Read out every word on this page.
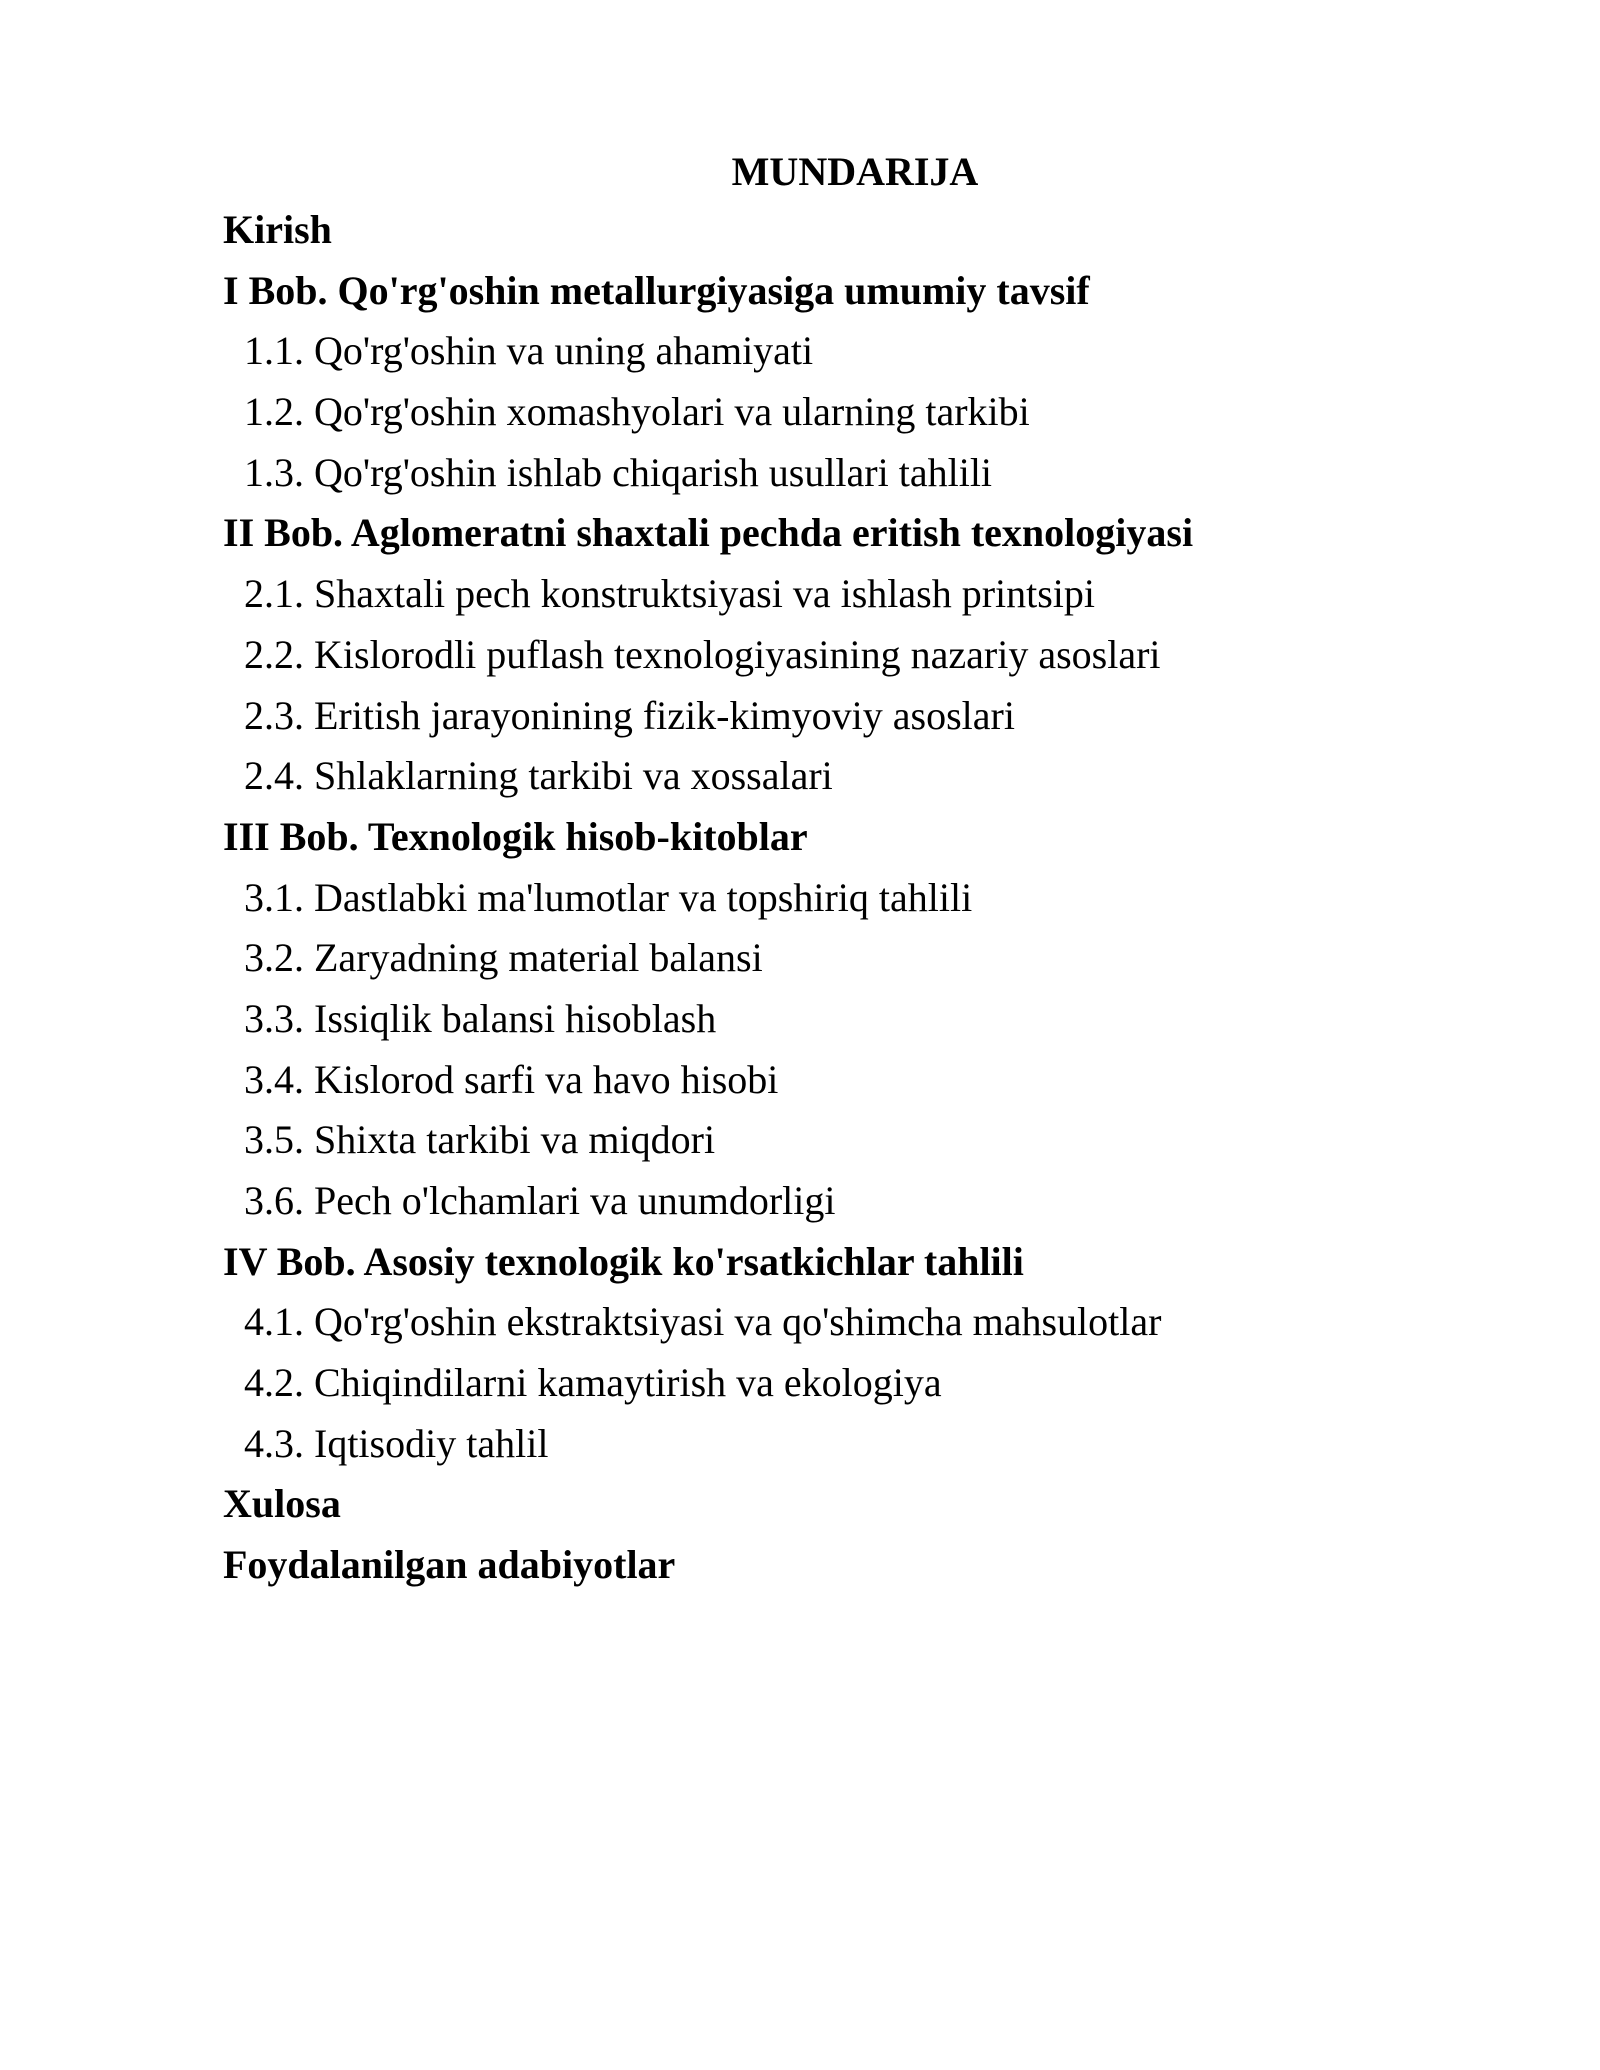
MUNDARIJA
Kirish
I Bob. Qo'rg'oshin metallurgiyasiga umumiy tavsif
1.1. Qo'rg'oshin va uning ahamiyati
1.2. Qo'rg'oshin xomashyolari va ularning tarkibi
1.3. Qo'rg'oshin ishlab chiqarish usullari tahlili
II Bob. Aglomeratni shaxtali pechda eritish texnologiyasi
2.1. Shaxtali pech konstruktsiyasi va ishlash printsipi
2.2. Kislorodli puflash texnologiyasining nazariy asoslari
2.3. Eritish jarayonining fizik-kimyoviy asoslari
2.4. Shlaklarning tarkibi va xossalari
III Bob. Texnologik hisob-kitoblar
3.1. Dastlabki ma'lumotlar va topshiriq tahlili
3.2. Zaryadning material balansi
3.3. Issiqlik balansi hisoblash
3.4. Kislorod sarfi va havo hisobi
3.5. Shixta tarkibi va miqdori
3.6. Pech o'lchamlari va unumdorligi
IV Bob. Asosiy texnologik ko'rsatkichlar tahlili
4.1. Qo'rg'oshin ekstraktsiyasi va qo'shimcha mahsulotlar
4.2. Chiqindilarni kamaytirish va ekologiya
4.3. Iqtisodiy tahlil
Xulosa
Foydalanilgan adabiyotlar
